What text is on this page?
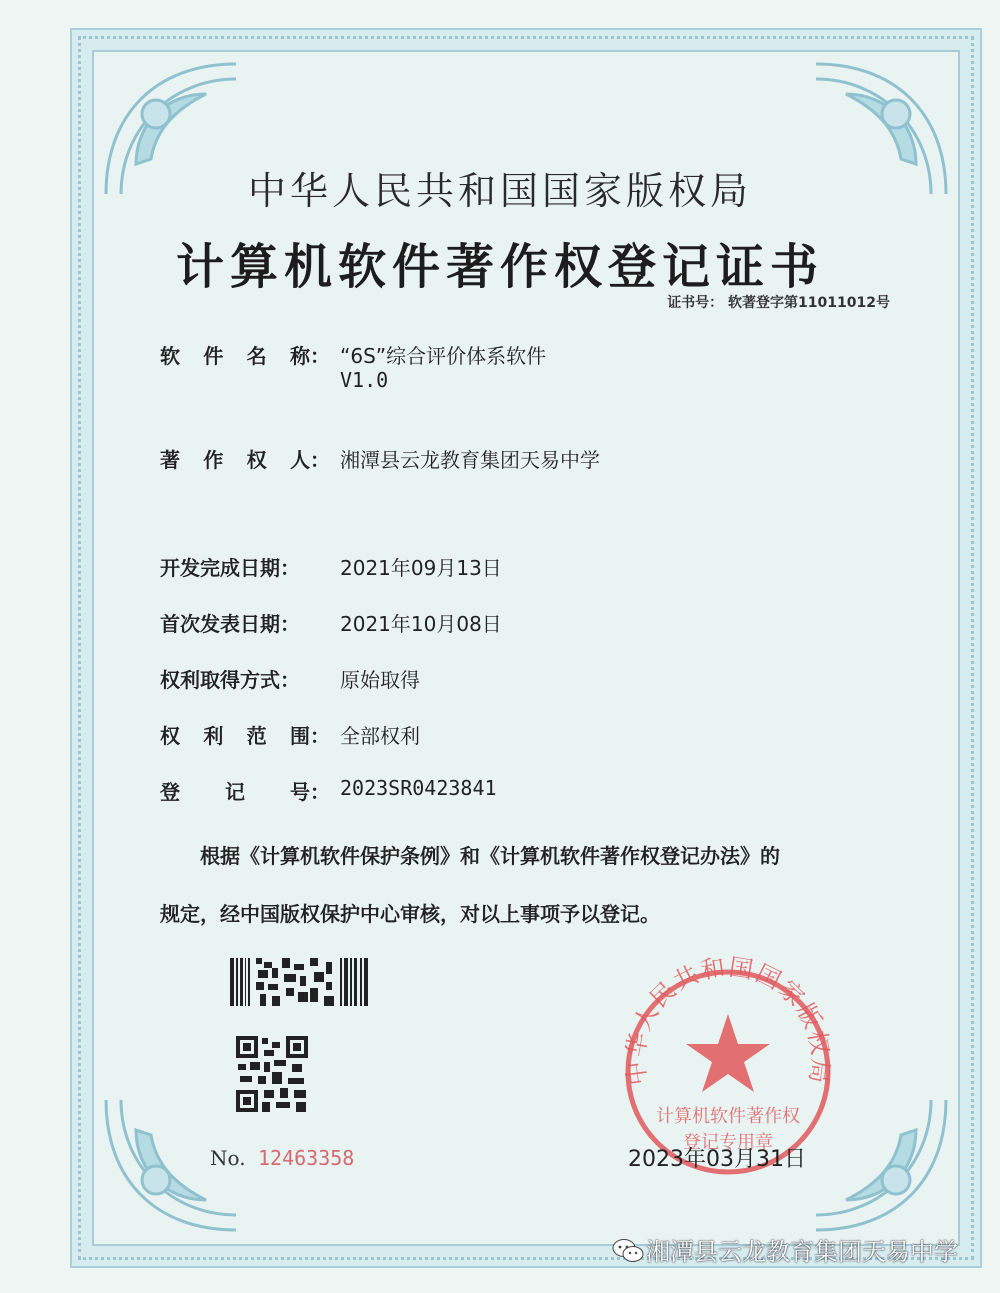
中华人民共和国国家版权局
计算机软件著作权登记证书
证书号： 软著登字第11011012号
软 件 名 称： “6S”综合评价体系软件
V1.0
著 作 权 人： 湘潭县云龙教育集团天易中学
开发完成日期：	2021年09月13日
首次发表日期：	2021年10月08日
权利取得方式：	原始取得
权 利 范 围： 全部权利
登 记 号： 2023SR0423841
根据《计算机软件保护条例》和《计算机软件著作权登记办法》的
规定，经中国版权保护中心审核，对以上事项予以登记。
No. 12463358
中华人民共和国国家版权局
计算机软件著作权
登记专用章
2023年03月31日
湘潭县云龙教育集团天易中学
